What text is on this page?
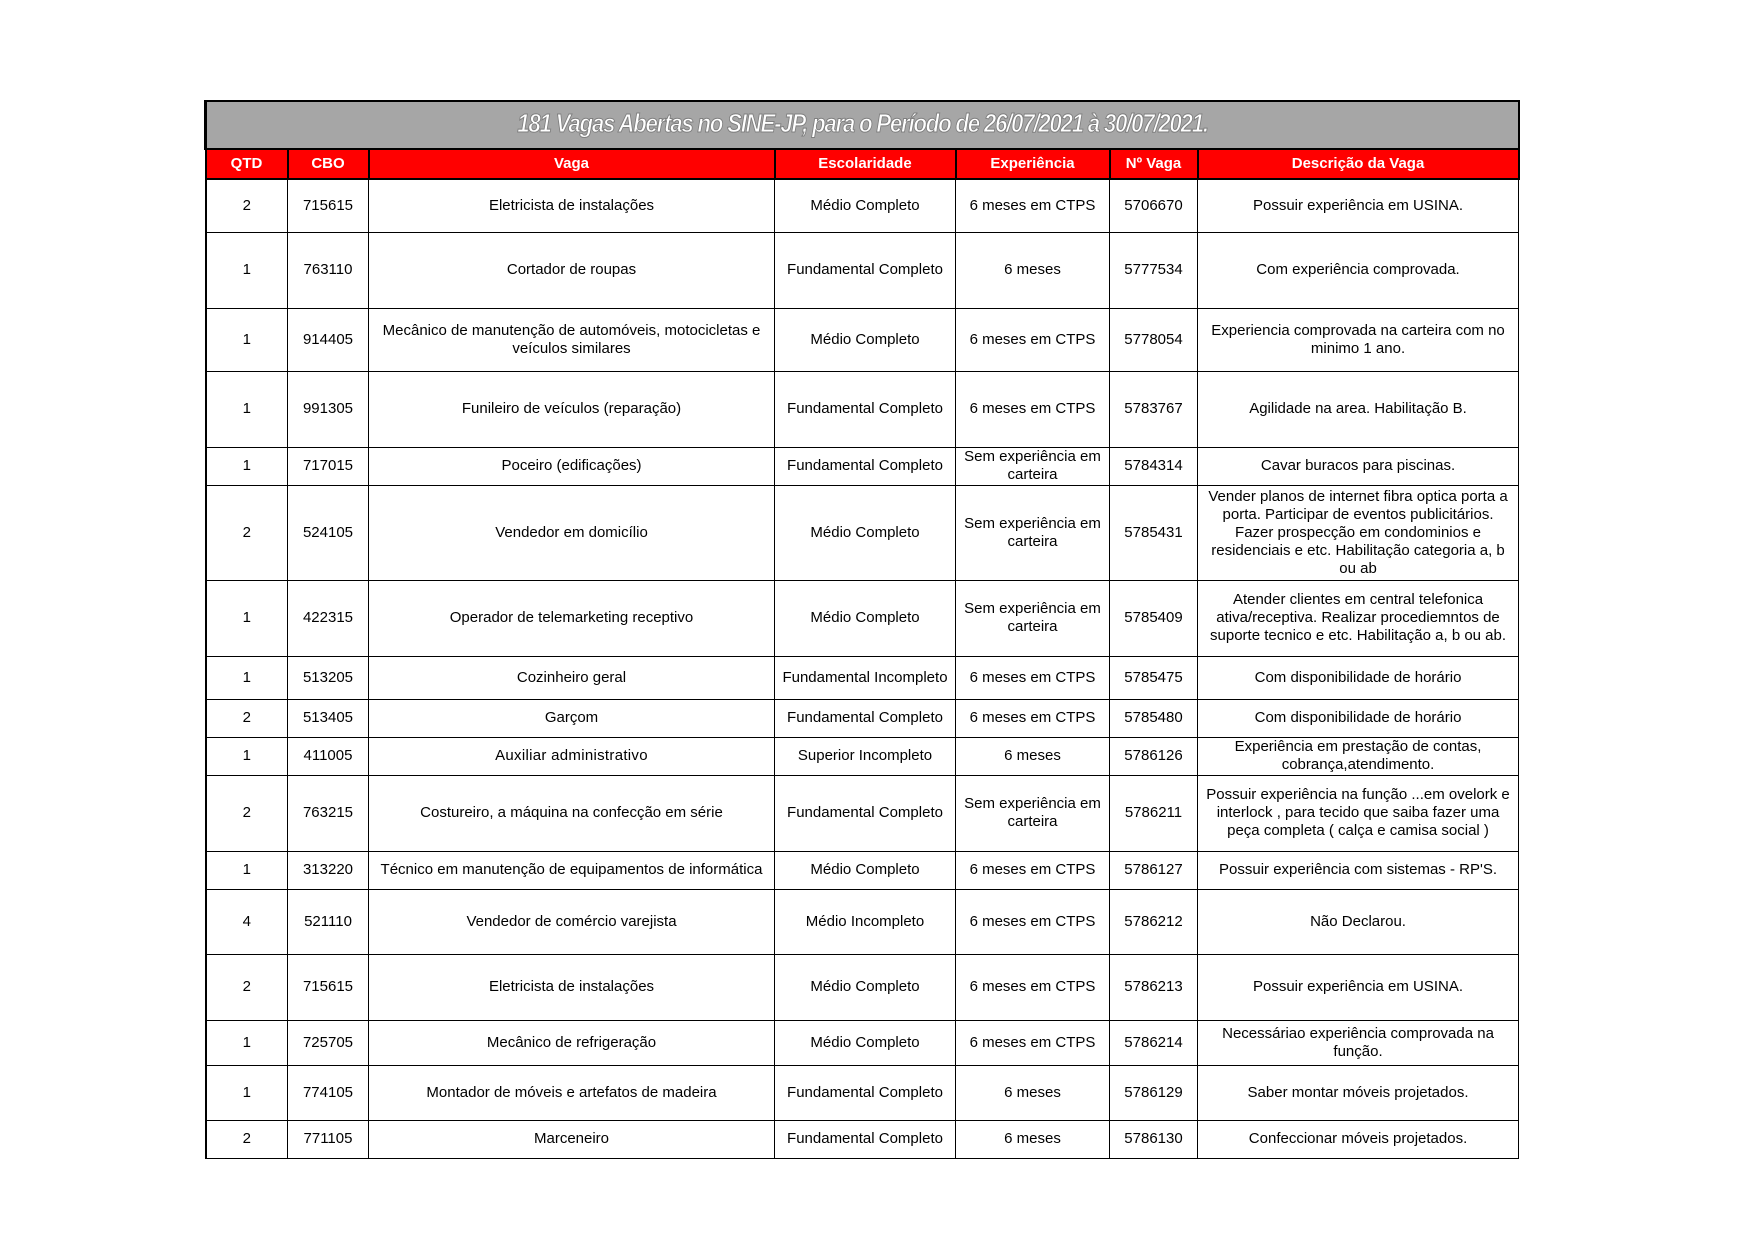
181 Vagas Abertas no SINE-JP, para o Período de 26/07/2021 à 30/07/2021.						
QTD	CBO	Vaga	Escolaridade	Experiência	Nº Vaga	Descrição da Vaga
2	715615	Eletricista de instalações	Médio Completo	6 meses em CTPS	5706670	Possuir experiência em USINA.
1	763110	Cortador de roupas	Fundamental Completo	6 meses	5777534	Com experiência comprovada.
1	914405	Mecânico de manutenção de automóveis, motocicletas e veículos similares	Médio Completo	6 meses em CTPS	5778054	Experiencia comprovada na carteira com no minimo 1 ano.
1	991305	Funileiro de veículos (reparação)	Fundamental Completo	6 meses em CTPS	5783767	Agilidade na area. Habilitação B.
1	717015	Poceiro (edificações)	Fundamental Completo	Sem experiência em carteira	5784314	Cavar buracos para piscinas.
2	524105	Vendedor em domicílio	Médio Completo	Sem experiência em carteira	5785431	Vender planos de internet fibra optica porta a porta. Participar de eventos publicitários. Fazer prospecção em condominios e residenciais e etc. Habilitação categoria a, b ou ab
1	422315	Operador de telemarketing receptivo	Médio Completo	Sem experiência em carteira	5785409	Atender clientes em central telefonica ativa/receptiva. Realizar procediemntos de suporte tecnico e etc. Habilitação a, b ou ab.
1	513205	Cozinheiro geral	Fundamental Incompleto	6 meses em CTPS	5785475	Com disponibilidade de horário
2	513405	Garçom	Fundamental Completo	6 meses em CTPS	5785480	Com disponibilidade de horário
1	411005	Auxiliar administrativo	Superior Incompleto	6 meses	5786126	Experiência em prestação de contas, cobrança,atendimento.
2	763215	Costureiro, a máquina na confecção em série	Fundamental Completo	Sem experiência em carteira	5786211	Possuir experiência na função ...em ovelork e interlock , para tecido que saiba fazer uma peça completa ( calça e camisa social )
1	313220	Técnico em manutenção de equipamentos de informática	Médio Completo	6 meses em CTPS	5786127	Possuir experiência com sistemas - RP'S.
4	521110	Vendedor de comércio varejista	Médio Incompleto	6 meses em CTPS	5786212	Não Declarou.
2	715615	Eletricista de instalações	Médio Completo	6 meses em CTPS	5786213	Possuir experiência em USINA.
1	725705	Mecânico de refrigeração	Médio Completo	6 meses em CTPS	5786214	Necessáriao experiência comprovada na função.
1	774105	Montador de móveis e artefatos de madeira	Fundamental Completo	6 meses	5786129	Saber montar móveis projetados.
2	771105	Marceneiro	Fundamental Completo	6 meses	5786130	Confeccionar móveis projetados.
